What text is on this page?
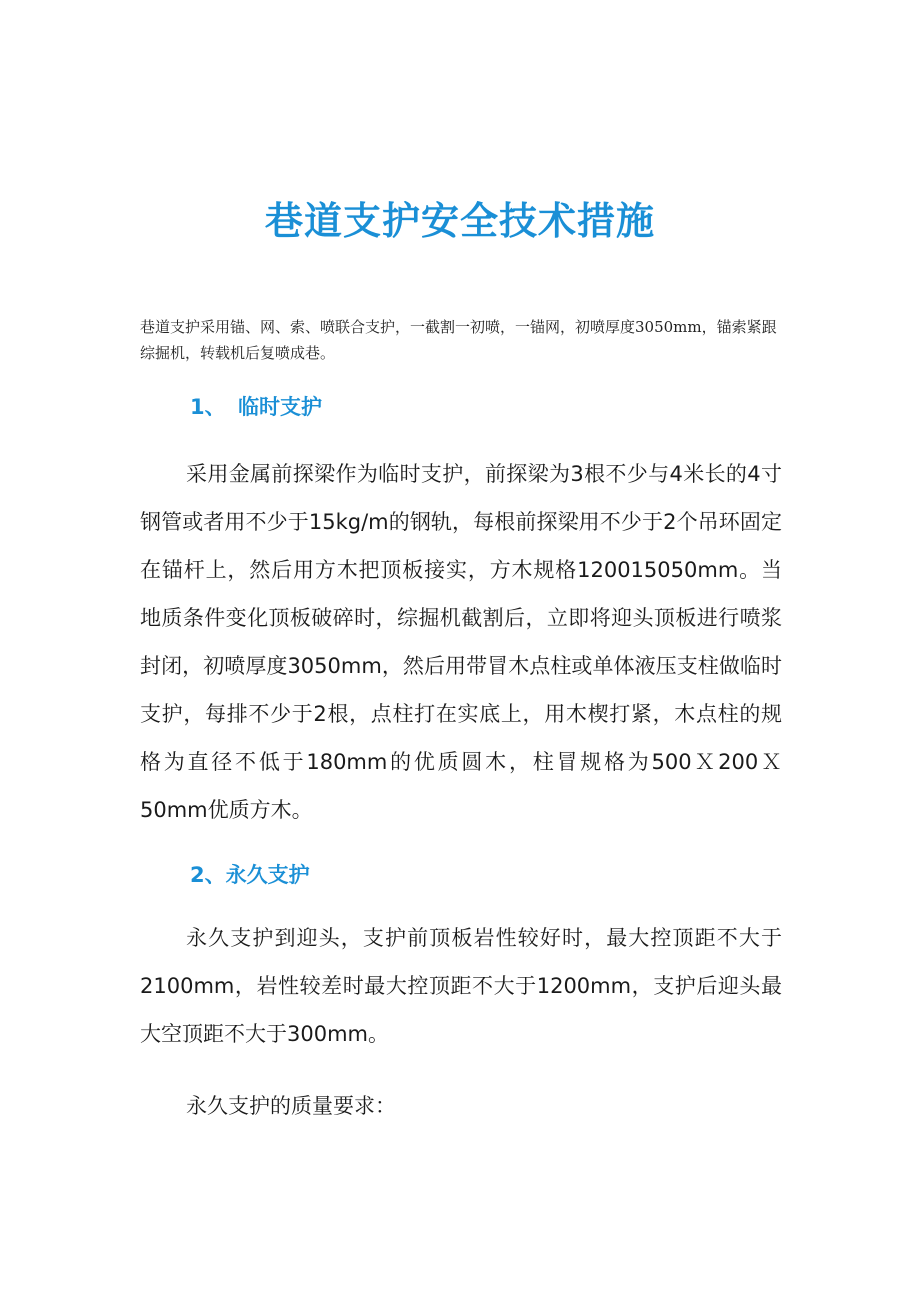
巷道支护安全技术措施

巷道支护采用锚、网、索、喷联合支护，一截割一初喷，一锚网，初喷厚度3050mm，锚索紧跟综掘机，转载机后复喷成巷。

1、 临时支护

采用金属前探梁作为临时支护，前探梁为3根不少与4米长的4寸钢管或者用不少于15kg/m的钢轨，每根前探梁用不少于2个吊环固定在锚杆上，然后用方木把顶板接实，方木规格120015050mm。当地质条件变化顶板破碎时，综掘机截割后，立即将迎头顶板进行喷浆封闭，初喷厚度3050mm，然后用带冒木点柱或单体液压支柱做临时支护，每排不少于2根，点柱打在实底上，用木楔打紧，木点柱的规格为直径不低于180mm的优质圆木，柱冒规格为500Ｘ200Ｘ50mm优质方木。

2、永久支护

永久支护到迎头，支护前顶板岩性较好时，最大控顶距不大于2100mm，岩性较差时最大控顶距不大于1200mm，支护后迎头最大空顶距不大于300mm。

永久支护的质量要求：
